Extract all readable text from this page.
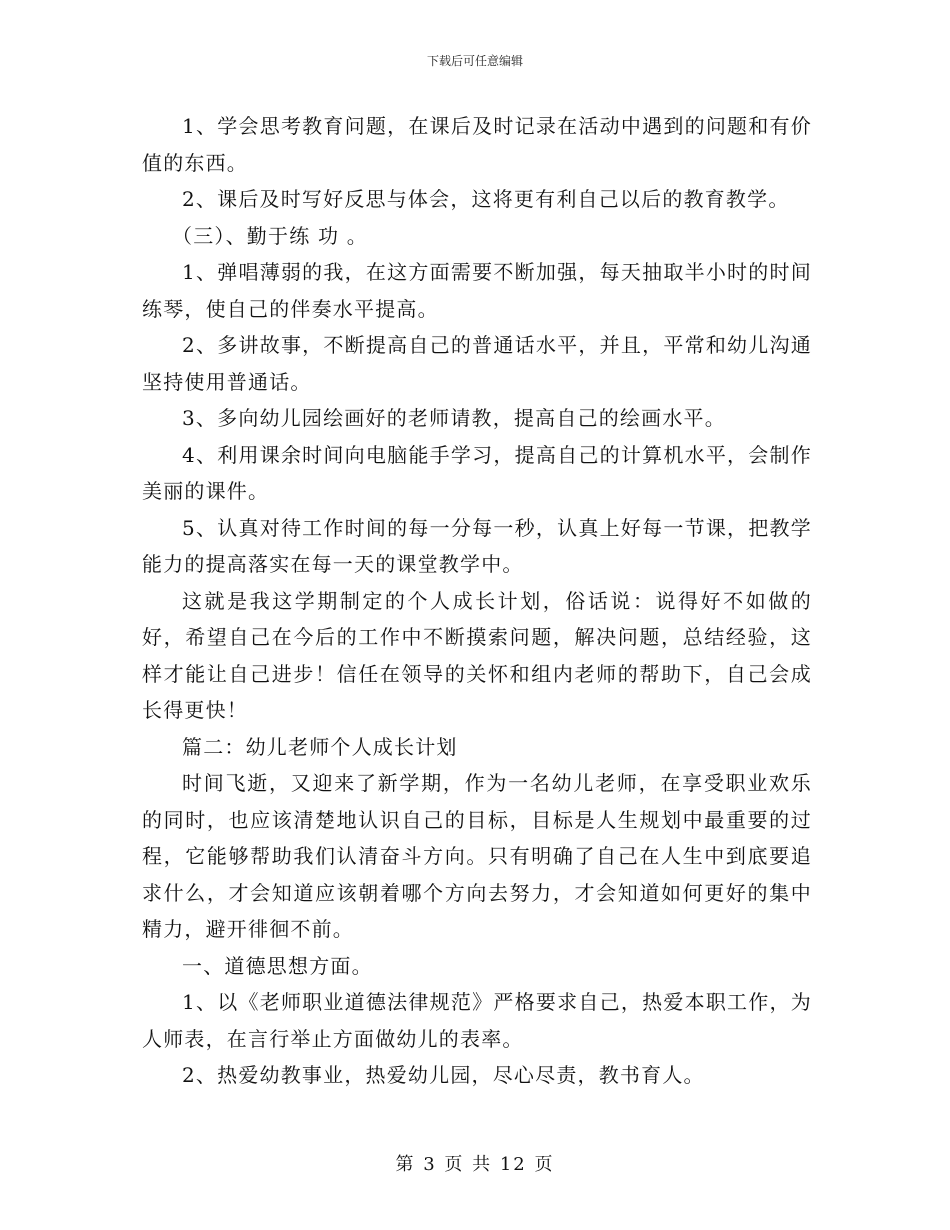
下载后可任意编辑

1、学会思考教育问题，在课后及时记录在活动中遇到的问题和有价值的东西。

2、课后及时写好反思与体会，这将更有利自己以后的教育教学。

（三）、勤于练 功 。

1、弹唱薄弱的我，在这方面需要不断加强，每天抽取半小时的时间练琴，使自己的伴奏水平提高。

2、多讲故事，不断提高自己的普通话水平，并且，平常和幼儿沟通坚持使用普通话。

3、多向幼儿园绘画好的老师请教，提高自己的绘画水平。

4、利用课余时间向电脑能手学习，提高自己的计算机水平，会制作美丽的课件。

5、认真对待工作时间的每一分每一秒，认真上好每一节课，把教学能力的提高落实在每一天的课堂教学中。

这就是我这学期制定的个人成长计划，俗话说：说得好不如做的好，希望自己在今后的工作中不断摸索问题，解决问题，总结经验，这样才能让自己进步！信任在领导的关怀和组内老师的帮助下，自己会成长得更快！

篇二：幼儿老师个人成长计划

时间飞逝，又迎来了新学期，作为一名幼儿老师，在享受职业欢乐的同时，也应该清楚地认识自己的目标，目标是人生规划中最重要的过程，它能够帮助我们认清奋斗方向。只有明确了自己在人生中到底要追求什么，才会知道应该朝着哪个方向去努力，才会知道如何更好的集中精力，避开徘徊不前。

一、道德思想方面。

1、以《老师职业道德法律规范》严格要求自己，热爱本职工作，为人师表，在言行举止方面做幼儿的表率。

2、热爱幼教事业，热爱幼儿园，尽心尽责，教书育人。

第 3 页 共 12 页
